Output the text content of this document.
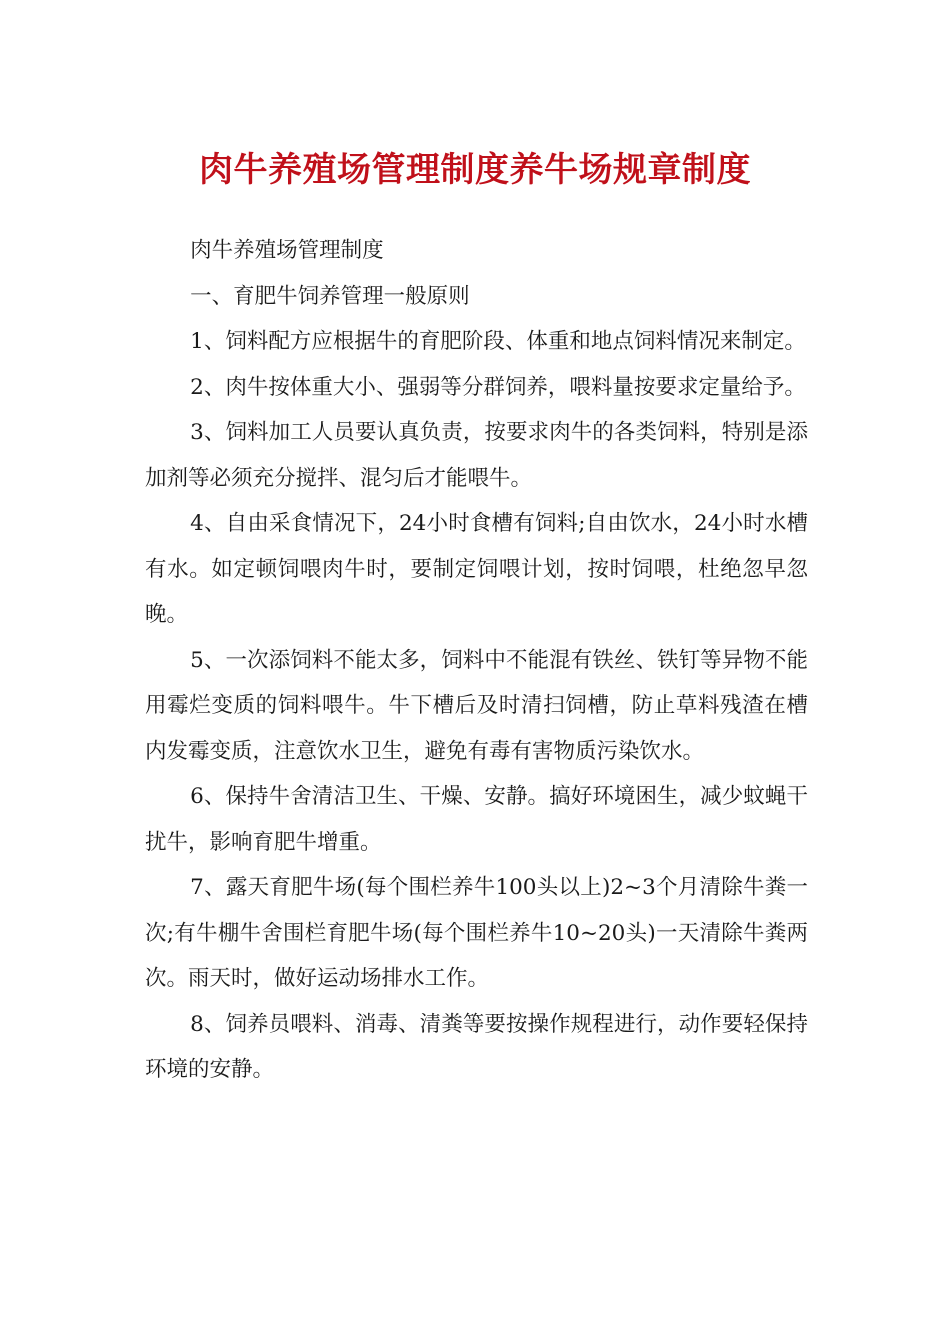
肉牛养殖场管理制度养牛场规章制度

肉牛养殖场管理制度

一、育肥牛饲养管理一般原则

1、饲料配方应根据牛的育肥阶段、体重和地点饲料情况来制定。

2、肉牛按体重大小、强弱等分群饲养，喂料量按要求定量给予。

3、饲料加工人员要认真负责，按要求肉牛的各类饲料，特别是添加剂等必须充分搅拌、混匀后才能喂牛。

4、自由采食情况下，24小时食槽有饲料;自由饮水，24小时水槽有水。如定顿饲喂肉牛时，要制定饲喂计划，按时饲喂，杜绝忽早忽晚。

5、一次添饲料不能太多，饲料中不能混有铁丝、铁钉等异物不能用霉烂变质的饲料喂牛。牛下槽后及时清扫饲槽，防止草料残渣在槽内发霉变质，注意饮水卫生，避免有毒有害物质污染饮水。

6、保持牛舍清洁卫生、干燥、安静。搞好环境困生，减少蚊蝇干扰牛，影响育肥牛增重。

7、露天育肥牛场(每个围栏养牛100头以上)2~3个月清除牛粪一次;有牛棚牛舍围栏育肥牛场(每个围栏养牛10~20头)一天清除牛粪两次。雨天时，做好运动场排水工作。

8、饲养员喂料、消毒、清粪等要按操作规程进行，动作要轻保持环境的安静。
